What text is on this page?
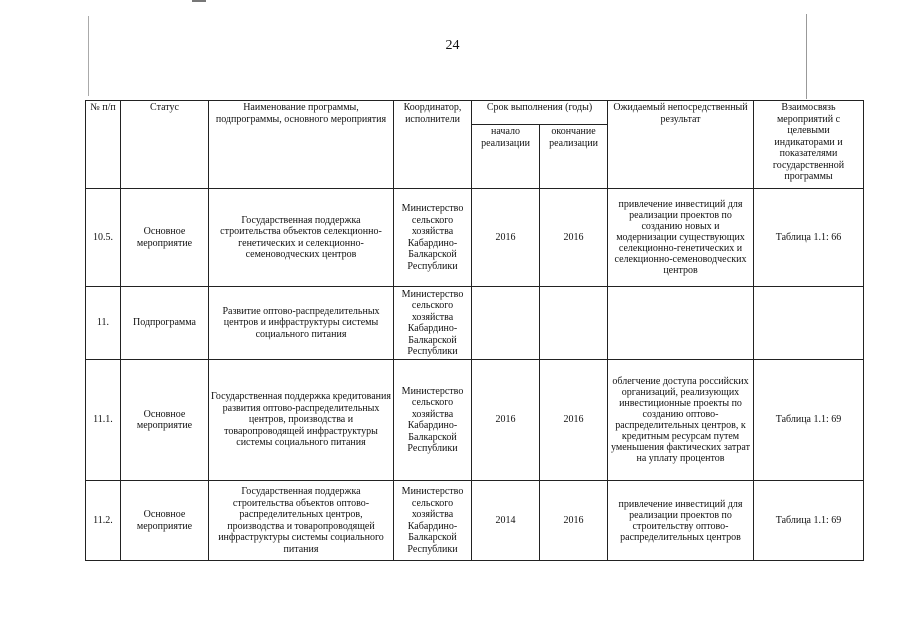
24
№ п/п	Статус	Наименование программы, подпрограммы, основного мероприятия	Координатор, исполнители	Срок выполнения (годы)		Ожидаемый непосредственный результат	Взаимосвязь мероприятий с целевыми индикаторами и показателями государственной программы
				начало реализации	окончание реализации		
10.5.	Основное мероприятие	Государственная поддержка строительства объектов селекционно-генетических и селекционно-семеноводческих центров	Министерство сельского хозяйства Кабардино-Балкарской Республики	2016	2016	привлечение инвестиций для реализации проектов по созданию новых и модернизации существующих селекционно-генетических и селекционно-семеноводческих центров	Таблица 1.1: 66
11.	Подпрограмма	Развитие оптово-распределительных центров и инфраструктуры системы социального питания	Министерство сельского хозяйства Кабардино-Балкарской Республики				
11.1.	Основное мероприятие	Государственная поддержка кредитования развития оптово-распределительных центров, производства и товаропроводящей инфраструктуры системы социального питания	Министерство сельского хозяйства Кабардино-Балкарской Республики	2016	2016	облегчение доступа российских организаций, реализующих инвестиционные проекты по созданию оптово-распределительных центров, к кредитным ресурсам путем уменьшения фактических затрат на уплату процентов	Таблица 1.1: 69
11.2.	Основное мероприятие	Государственная поддержка строительства объектов оптово-распределительных центров, производства и товаропроводящей инфраструктуры системы социального питания	Министерство сельского хозяйства Кабардино-Балкарской Республики	2014	2016	привлечение инвестиций для реализации проектов по строительству оптово-распределительных центров	Таблица 1.1: 69
